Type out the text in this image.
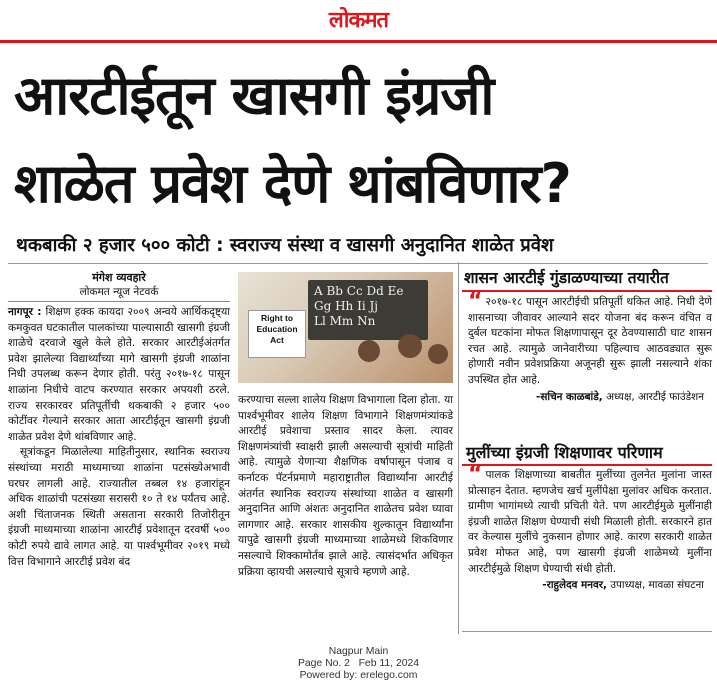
लोकमत
आरटीईतून खासगी इंग्रजी
शाळेत प्रवेश देणे थांबविणार?
थकबाकी २ हजार ५०० कोटी : स्वराज्य संस्था व खासगी अनुदानित शाळेत प्रवेश
मंगेश व्यवहारे
लोकमत न्यूज नेटवर्क
नागपूर : शिक्षण हक्क कायदा २००९ अन्वये आर्थिकदृष्ट्या कमकुवत घटकातील पालकांच्या पाल्यासाठी खासगी इंग्रजी शाळेचे दरवाजे खुले केले होते. सरकार आरटीईअंतर्गत प्रवेश झालेल्या विद्यार्थ्यांच्या मागे खासगी इंग्रजी शाळांना निधी उपलब्ध करून देणार होती. परंतु २०१७-१८ पासून शाळांना निधीचे वाटप करण्यात सरकार अपयशी ठरले. राज्य सरकारवर प्रतिपूर्तीची थकबाकी २ हजार ५०० कोटींवर गेल्याने सरकार आता आरटीईतून खासगी इंग्रजी शाळेत प्रवेश देणे थांबविणार आहे.
सूत्रांकडून मिळालेल्या माहितीनुसार, स्थानिक स्वराज्य संस्थांच्या मराठी माध्यमाच्या शाळांना पटसंख्येअभावी घरघर लागली आहे. राज्यातील तब्बल १४ हजारांहून अधिक शाळांची पटसंख्या सरासरी १० ते १४ पर्यंतच आहे. अशी चिंताजनक स्थिती असताना सरकारी तिजोरीतून इंग्रजी माध्यमाच्या शाळांना आरटीई प्रवेशातून दरवर्षी ५०० कोटी रुपये द्यावे लागत आहे. या पार्श्वभूमीवर २०१९ मध्ये वित्त विभागाने आरटीई प्रवेश बंद
A Bb Cc Dd Ee
Gg Hh Ii Jj
Ll Mm Nn
Right to Education Act
करण्याचा सल्ला शालेय शिक्षण विभागाला दिला होता. या पार्श्वभूमीवर शालेय शिक्षण विभागाने शिक्षणमंत्र्यांकडे आरटीई प्रवेशाचा प्रस्ताव सादर केला. त्यावर शिक्षणमंत्र्यांची स्वाक्षरी झाली असल्याची सूत्रांची माहिती आहे. त्यामुळे येणाऱ्या शैक्षणिक वर्षापासून पंजाब व कर्नाटक पॅटर्नप्रमाणे महाराष्ट्रातील विद्यार्थ्यांना आरटीई अंतर्गत स्थानिक स्वराज्य संस्थांच्या शाळेत व खासगी अनुदानित आणि अंशतः अनुदानित शाळेतच प्रवेश घ्यावा लागणार आहे. सरकार शासकीय शुल्कातून विद्यार्थ्यांना यापुढे खासगी इंग्रजी माध्यमाच्या शाळेमध्ये शिकविणार नसल्याचे शिक्कामोर्तब झाले आहे. त्यासंदर्भात अधिकृत प्रक्रिया व्हायची असल्याचे सूत्राचे म्हणणे आहे.
शासन आरटीई गुंडाळण्याच्या तयारीत
“ २०१७-१८ पासून आरटीईची प्रतिपूर्ती थकित आहे. निधी देणे शासनाच्या जीवावर आल्याने सदर योजना बंद करून वंचित व दुर्बल घटकांना मोफत शिक्षणापासून दूर ठेवण्यासाठी घाट शासन रचत आहे. त्यामुळे जानेवारीच्या पहिल्याच आठवड्यात सुरू होणारी नवीन प्रवेशप्रक्रिया अजूनही सुरू झाली नसल्याने शंका उपस्थित होत आहे.
-सचिन काळबांडे, अध्यक्ष, आरटीई फाउंडेशन
मुलींच्या इंग्रजी शिक्षणावर परिणाम
“ पालक शिक्षणाच्या बाबतीत मुलींच्या तुलनेत मुलांना जास्त प्रोत्साहन देतात. म्हणजेच खर्च मुलींपेक्षा मुलांवर अधिक करतात. ग्रामीण भागांमध्ये त्याची प्रचिती येते. पण आरटीईमुळे मुलींनाही इंग्रजी शाळेत शिक्षण घेण्याची संधी मिळाली होती. सरकारने हात वर केल्यास मुलींचे नुकसान होणार आहे. कारण सरकारी शाळेत प्रवेश मोफत आहे, पण खासगी इंग्रजी शाळेमध्ये मुलींना आरटीईमुळे शिक्षण घेण्याची संधी होती.
-राहुलेदव मनवर, उपाध्यक्ष, मावळा संघटना
Nagpur Main
Page No. 2   Feb 11, 2024
Powered by: erelego.com
